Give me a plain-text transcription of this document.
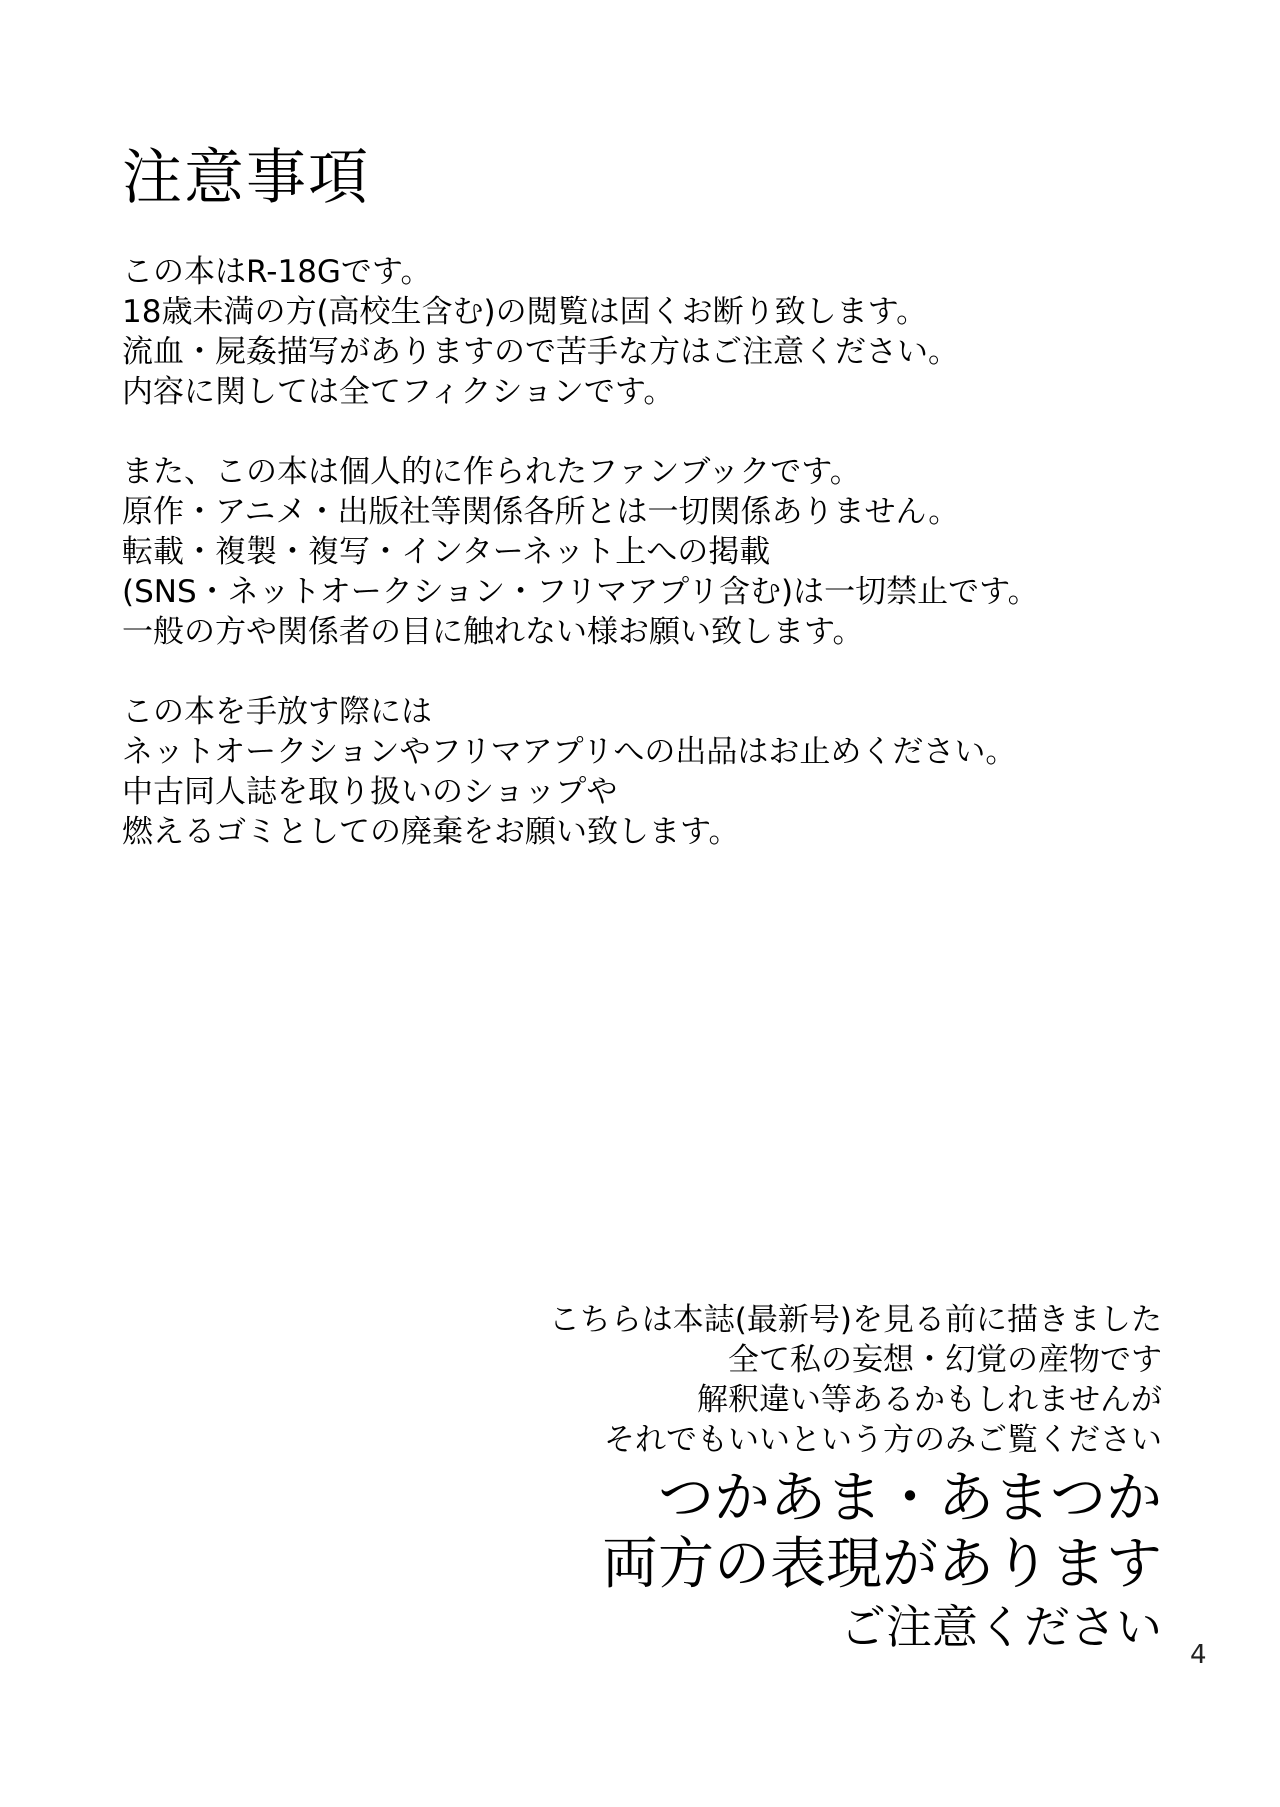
注意事項
この本はR-18Gです。
18歳未満の方(高校生含む)の閲覧は固くお断り致します。
流血・屍姦描写がありますので苦手な方はご注意ください。
内容に関しては全てフィクションです。
また、この本は個人的に作られたファンブックです。
原作・アニメ・出版社等関係各所とは一切関係ありません。
転載・複製・複写・インターネット上への掲載
(SNS・ネットオークション・フリマアプリ含む)は一切禁止です。
一般の方や関係者の目に触れない様お願い致します。
この本を手放す際には
ネットオークションやフリマアプリへの出品はお止めください。
中古同人誌を取り扱いのショップや
燃えるゴミとしての廃棄をお願い致します。
こちらは本誌(最新号)を見る前に描きました
全て私の妄想・幻覚の産物です
解釈違い等あるかもしれませんが
それでもいいという方のみご覧ください
つかあま・あまつか
両方の表現があります
ご注意ください
4
